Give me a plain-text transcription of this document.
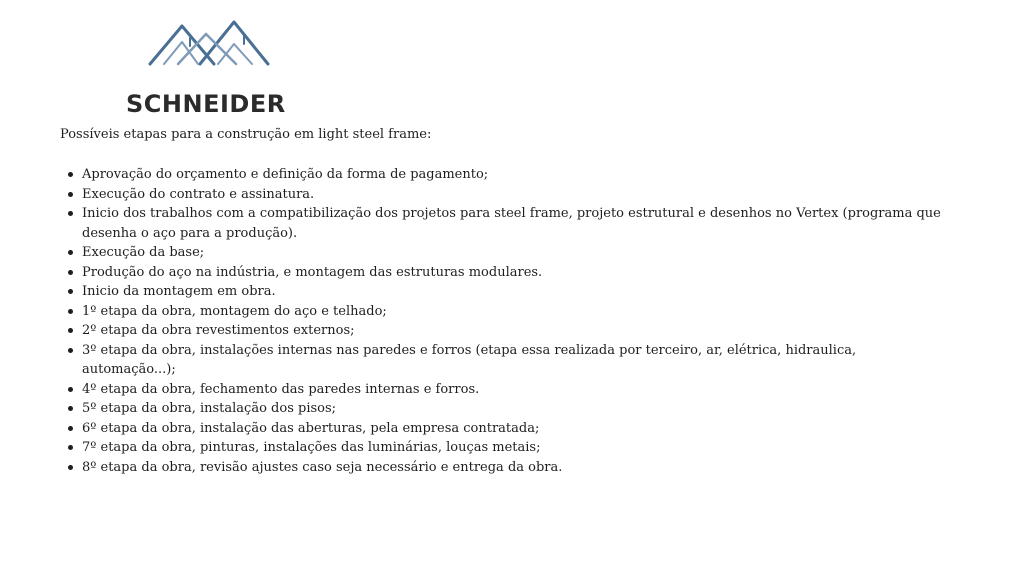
SCHNEIDER

Possíveis etapas para a construção em light steel frame:

Aprovação do orçamento e definição da forma de pagamento;
Execução do contrato e assinatura.
Inicio dos trabalhos com a compatibilização dos projetos para steel frame, projeto estrutural e desenhos no Vertex (programa que desenha o aço para a produção).
Execução da base;
Produção do aço na indústria, e montagem das estruturas modulares.
Inicio da montagem em obra.
1º etapa da obra, montagem do aço e telhado;
2º etapa da obra revestimentos externos;
3º etapa da obra, instalações internas nas paredes e forros (etapa essa realizada por terceiro, ar, elétrica, hidraulica, automação...);
4º etapa da obra, fechamento das paredes internas e forros.
5º etapa da obra, instalação dos pisos;
6º etapa da obra, instalação das aberturas, pela empresa contratada;
7º etapa da obra, pinturas, instalações das luminárias, louças metais;
8º etapa da obra, revisão ajustes caso seja necessário e entrega da obra.
